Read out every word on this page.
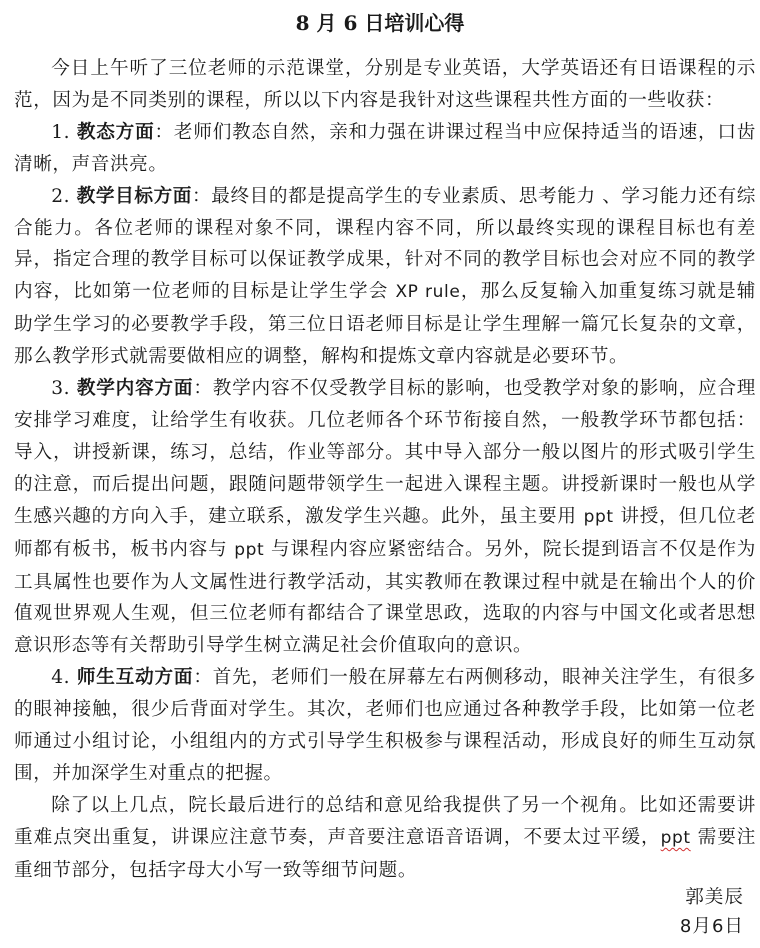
8 月 6 日培训心得

今日上午听了三位老师的示范课堂，分别是专业英语，大学英语还有日语课程的示范，因为是不同类别的课程，所以以下内容是我针对这些课程共性方面的一些收获：

1. 教态方面：老师们教态自然，亲和力强在讲课过程当中应保持适当的语速，口齿清晰，声音洪亮。

2. 教学目标方面：最终目的都是提高学生的专业素质、思考能力 、学习能力还有综合能力。各位老师的课程对象不同，课程内容不同，所以最终实现的课程目标也有差异，指定合理的教学目标可以保证教学成果，针对不同的教学目标也会对应不同的教学内容，比如第一位老师的目标是让学生学会 XP rule，那么反复输入加重复练习就是辅助学生学习的必要教学手段，第三位日语老师目标是让学生理解一篇冗长复杂的文章，那么教学形式就需要做相应的调整，解构和提炼文章内容就是必要环节。

3. 教学内容方面：教学内容不仅受教学目标的影响，也受教学对象的影响，应合理安排学习难度，让给学生有收获。几位老师各个环节衔接自然，一般教学环节都包括：导入，讲授新课，练习，总结，作业等部分。其中导入部分一般以图片的形式吸引学生的注意，而后提出问题，跟随问题带领学生一起进入课程主题。讲授新课时一般也从学生感兴趣的方向入手，建立联系，激发学生兴趣。此外，虽主要用 ppt 讲授，但几位老师都有板书，板书内容与 ppt 与课程内容应紧密结合。另外，院长提到语言不仅是作为工具属性也要作为人文属性进行教学活动，其实教师在教课过程中就是在输出个人的价值观世界观人生观，但三位老师有都结合了课堂思政，选取的内容与中国文化或者思想意识形态等有关帮助引导学生树立满足社会价值取向的意识。

4. 师生互动方面：首先，老师们一般在屏幕左右两侧移动，眼神关注学生，有很多的眼神接触，很少后背面对学生。其次，老师们也应通过各种教学手段，比如第一位老师通过小组讨论，小组组内的方式引导学生积极参与课程活动，形成良好的师生互动氛围，并加深学生对重点的把握。

除了以上几点，院长最后进行的总结和意见给我提供了另一个视角。比如还需要讲重难点突出重复，讲课应注意节奏，声音要注意语音语调，不要太过平缓，ppt 需要注重细节部分，包括字母大小写一致等细节问题。

郭美辰
8月6日
